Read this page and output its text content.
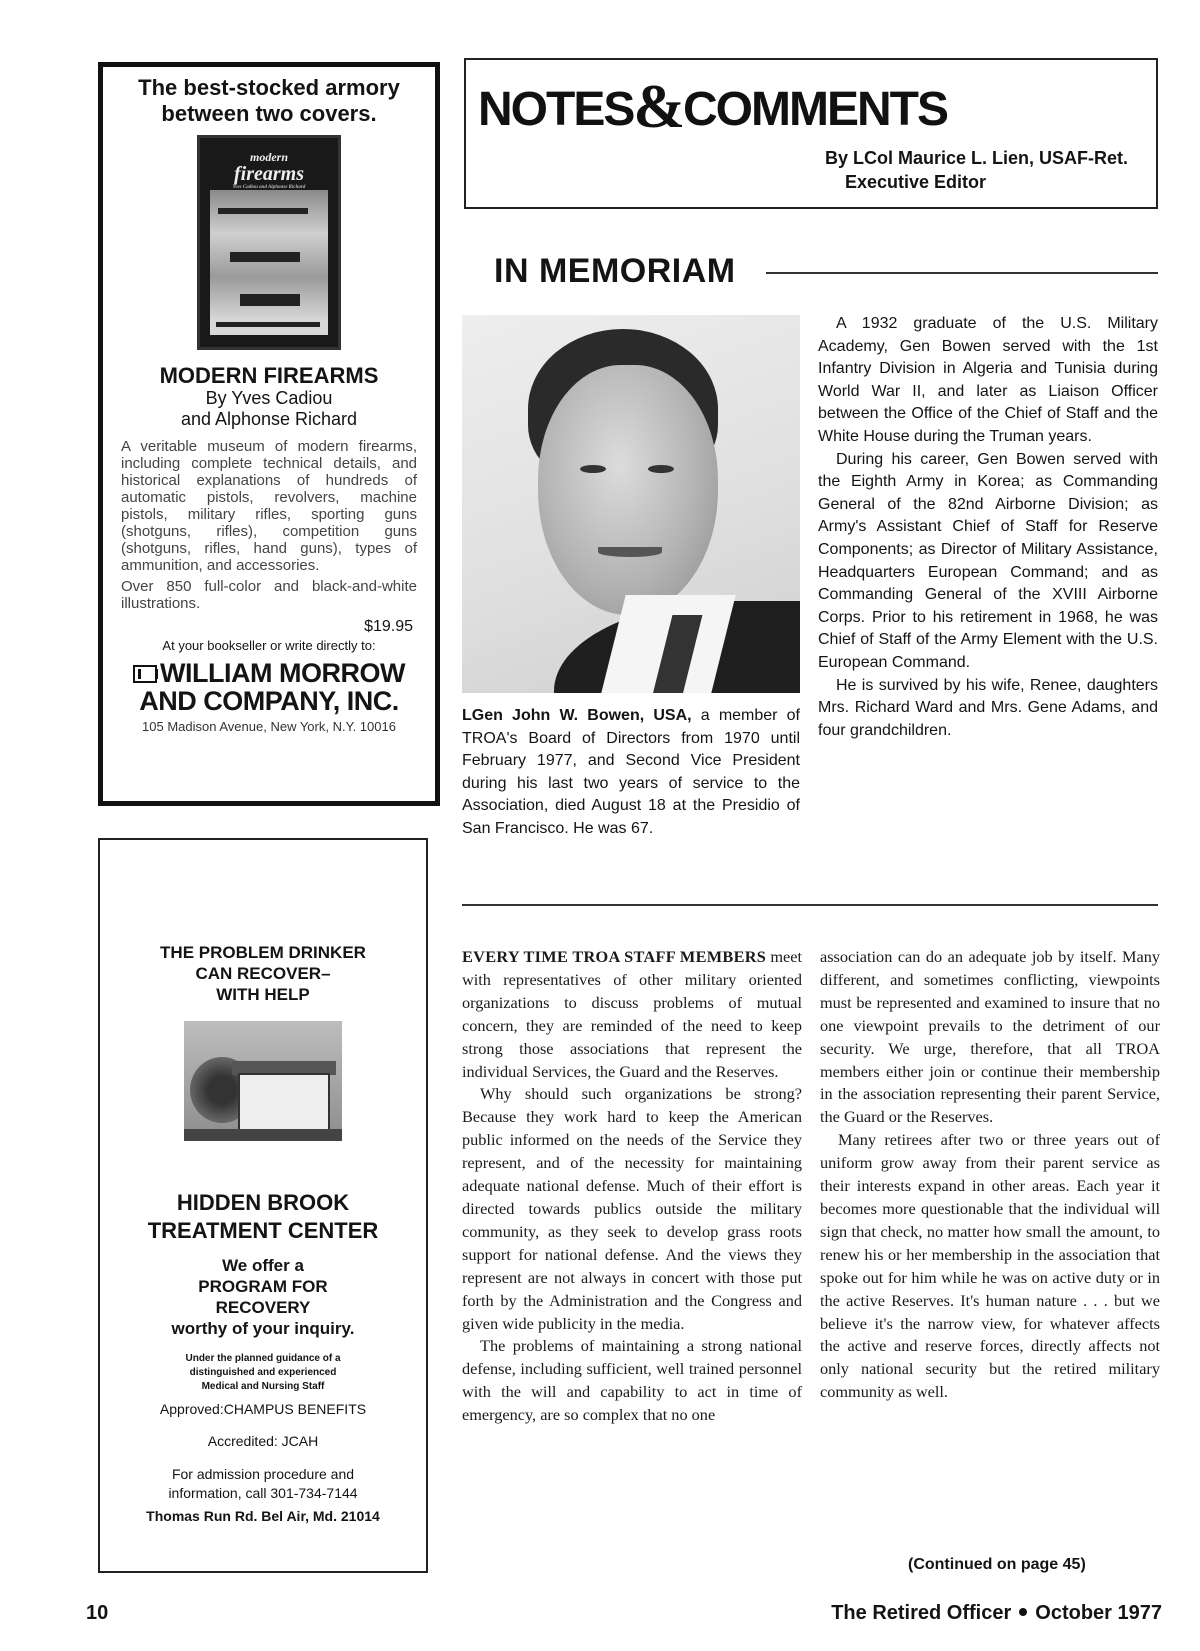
The best-stocked armory between two covers.
modern
firearms
Yves Cadiou and Alphonse Richard
MODERN FIREARMS
By Yves Cadiou
and Alphonse Richard
A veritable museum of modern firearms, including complete technical details, and historical explanations of hundreds of automatic pistols, revolvers, machine pistols, military rifles, sporting guns (shotguns, rifles), competition guns (shotguns, rifles, hand guns), types of ammunition, and accessories.
Over 850 full-color and black-and-white illustrations.
$19.95
At your bookseller or write directly to:
WILLIAM MORROW
AND COMPANY, INC.
105 Madison Avenue, New York, N.Y. 10016
THE PROBLEM DRINKER
CAN RECOVER–
WITH HELP
HIDDEN BROOK
TREATMENT CENTER
We offer a
PROGRAM FOR
RECOVERY
worthy of your inquiry.
Under the planned guidance of a
distinguished and experienced
Medical and Nursing Staff
Approved:CHAMPUS BENEFITS
Accredited: JCAH
For admission procedure and
information, call 301-734-7144
Thomas Run Rd. Bel Air, Md. 21014
NOTES&COMMENTS
By LCol Maurice L. Lien, USAF-Ret.
Executive Editor
IN MEMORIAM
LGen John W. Bowen, USA, a member of TROA's Board of Directors from 1970 until February 1977, and Second Vice President during his last two years of service to the Association, died August 18 at the Presidio of San Francisco. He was 67.

A 1932 graduate of the U.S. Military Academy, Gen Bowen served with the 1st Infantry Division in Algeria and Tunisia during World War II, and later as Liaison Officer between the Office of the Chief of Staff and the White House during the Truman years.

During his career, Gen Bowen served with the Eighth Army in Korea; as Commanding General of the 82nd Airborne Division; as Army's Assistant Chief of Staff for Reserve Components; as Director of Military Assistance, Headquarters European Command; and as Commanding General of the XVIII Airborne Corps. Prior to his retirement in 1968, he was Chief of Staff of the Army Element with the U.S. European Command.

He is survived by his wife, Renee, daughters Mrs. Richard Ward and Mrs. Gene Adams, and four grandchildren.

EVERY TIME TROA STAFF MEMBERS meet with representatives of other military oriented organizations to discuss problems of mutual concern, they are reminded of the need to keep strong those associations that represent the individual Services, the Guard and the Reserves.

Why should such organizations be strong? Because they work hard to keep the American public informed on the needs of the Service they represent, and of the necessity for maintaining adequate national defense. Much of their effort is directed towards publics outside the military community, as they seek to develop grass roots support for national defense. And the views they represent are not always in concert with those put forth by the Administration and the Congress and given wide publicity in the media.

The problems of maintaining a strong national defense, including sufficient, well trained personnel with the will and capability to act in time of emergency, are so complex that no one

association can do an adequate job by itself. Many different, and sometimes conflicting, viewpoints must be represented and examined to insure that no one viewpoint prevails to the detriment of our security. We urge, therefore, that all TROA members either join or continue their membership in the association representing their parent Service, the Guard or the Reserves.

Many retirees after two or three years out of uniform grow away from their parent service as their interests expand in other areas. Each year it becomes more questionable that the individual will sign that check, no matter how small the amount, to renew his or her membership in the association that spoke out for him while he was on active duty or in the active Reserves. It's human nature . . . but we believe it's the narrow view, for whatever affects the active and reserve forces, directly affects not only national security but the retired military community as well.

(Continued on page 45)
10	The Retired Officer October 1977
